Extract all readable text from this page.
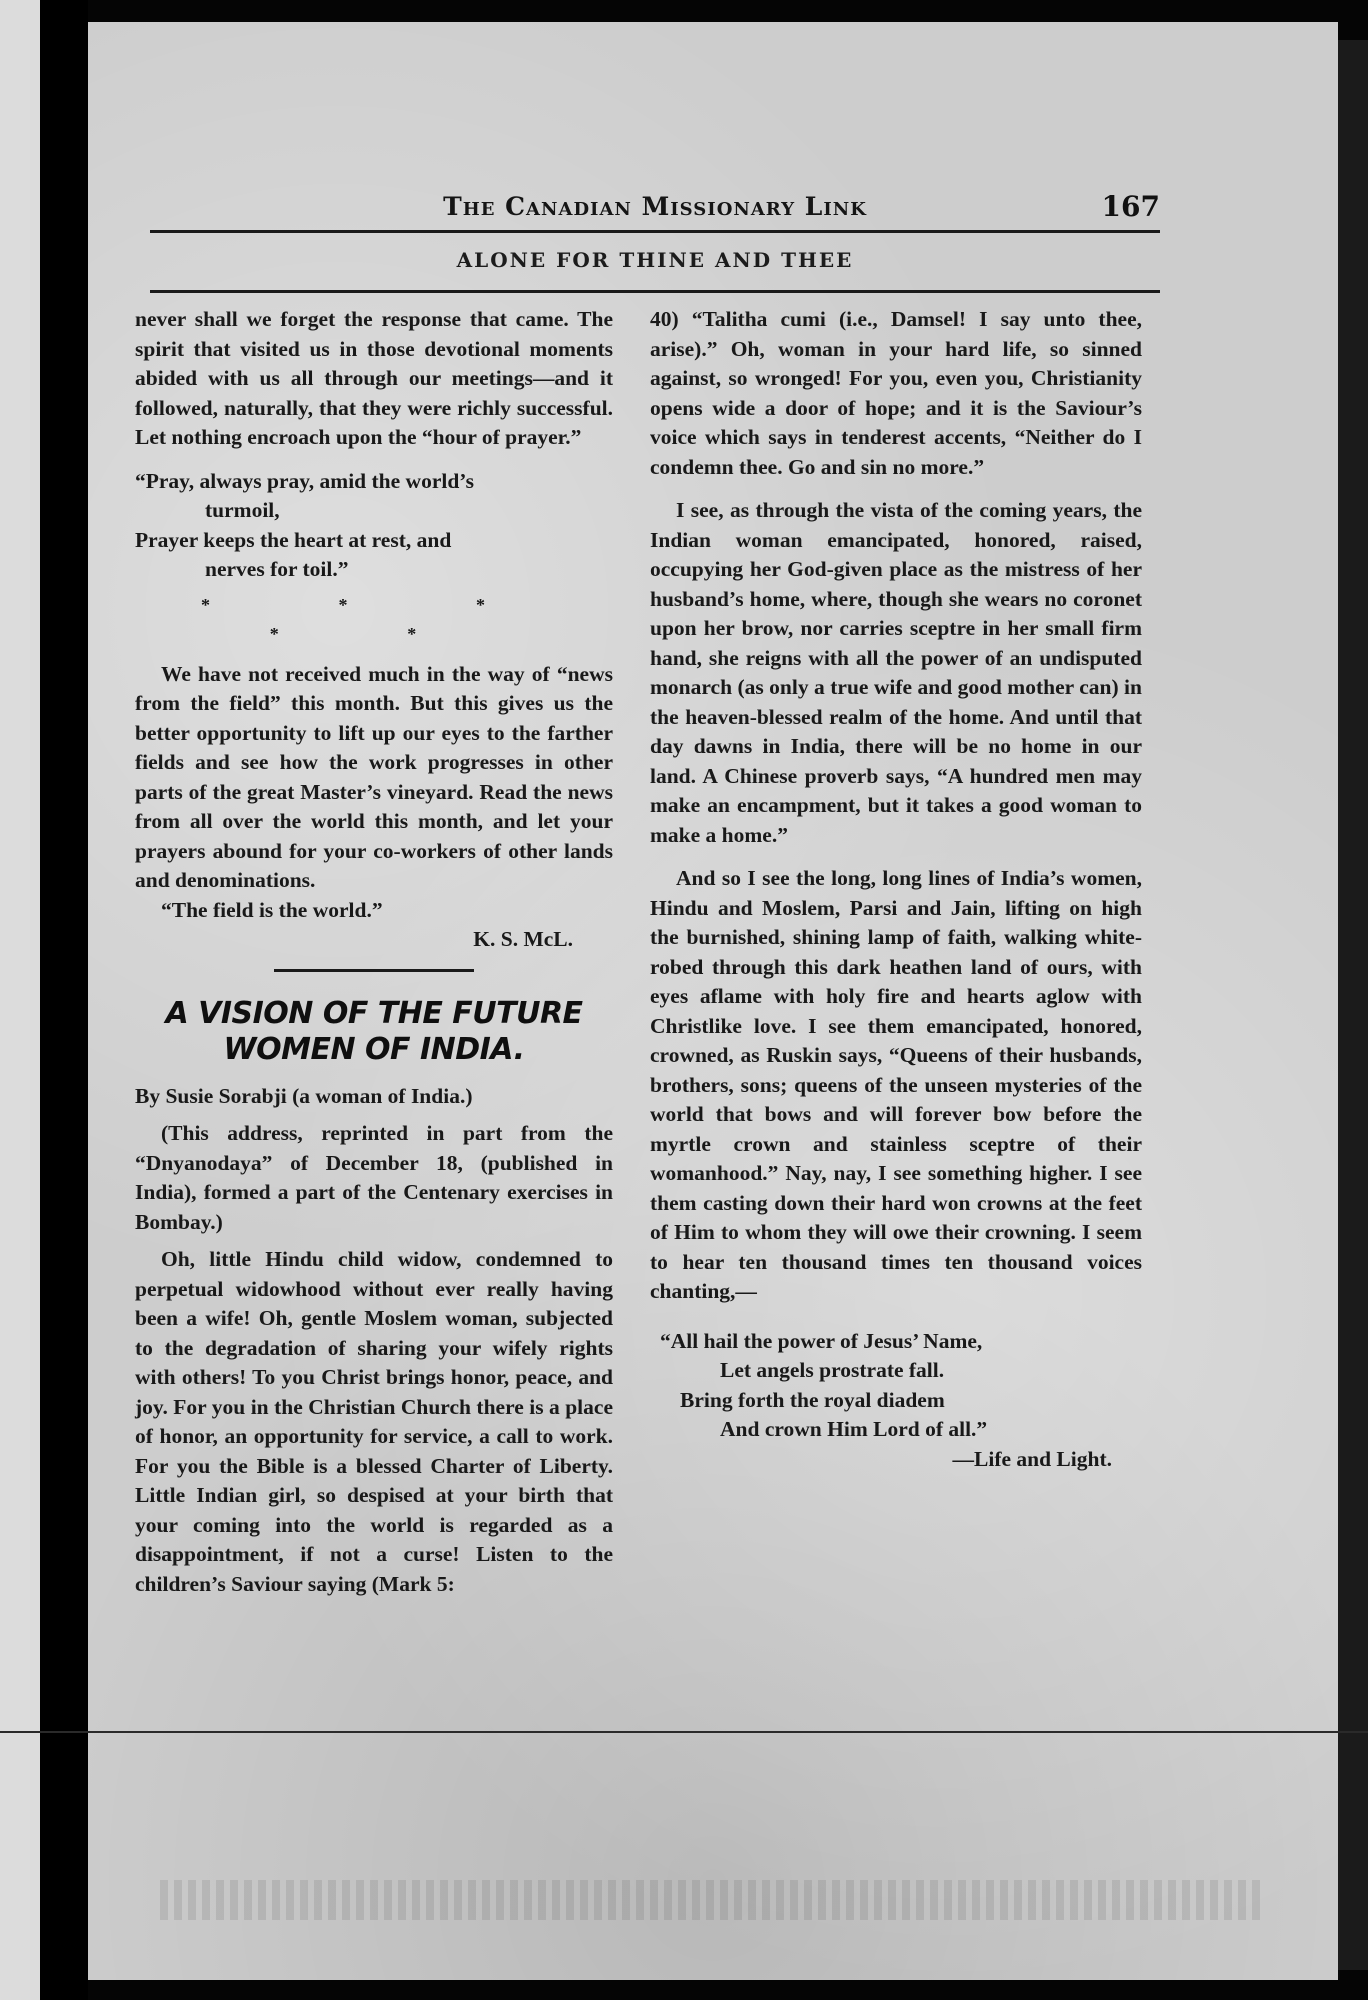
The Canadian Missionary Link	167
ALONE FOR THINE AND THEE

never shall we forget the response that came. The spirit that visited us in those devotional moments abided with us all through our meetings—and it followed, naturally, that they were richly successful. Let nothing encroach upon the “hour of prayer.”

“Pray, always pray, amid the world’s
turmoil,
Prayer keeps the heart at rest, and
nerves for toil.”
* * * * *

We have not received much in the way of “news from the field” this month. But this gives us the better opportunity to lift up our eyes to the farther fields and see how the work progresses in other parts of the great Master’s vineyard. Read the news from all over the world this month, and let your prayers abound for your co-workers of other lands and denominations.

“The field is the world.”

K. S. McL.

A VISION OF THE FUTURE WOMEN OF INDIA.

By Susie Sorabji (a woman of India.)

(This address, reprinted in part from the “Dnyanodaya” of December 18, (published in India), formed a part of the Centenary exercises in Bombay.)

Oh, little Hindu child widow, condemned to perpetual widowhood without ever really having been a wife! Oh, gentle Moslem woman, subjected to the degradation of sharing your wifely rights with others! To you Christ brings honor, peace, and joy. For you in the Christian Church there is a place of honor, an opportunity for service, a call to work. For you the Bible is a blessed Charter of Liberty. Little Indian girl, so despised at your birth that your coming into the world is regarded as a disappointment, if not a curse! Listen to the children’s Saviour saying (Mark 5:

40) “Talitha cumi (i.e., Damsel! I say unto thee, arise).” Oh, woman in your hard life, so sinned against, so wronged! For you, even you, Christianity opens wide a door of hope; and it is the Saviour’s voice which says in tenderest accents, “Neither do I condemn thee. Go and sin no more.”

I see, as through the vista of the coming years, the Indian woman emancipated, honored, raised, occupying her God-given place as the mistress of her husband’s home, where, though she wears no coronet upon her brow, nor carries sceptre in her small firm hand, she reigns with all the power of an undisputed monarch (as only a true wife and good mother can) in the heaven-blessed realm of the home. And until that day dawns in India, there will be no home in our land. A Chinese proverb says, “A hundred men may make an encampment, but it takes a good woman to make a home.”

And so I see the long, long lines of India’s women, Hindu and Moslem, Parsi and Jain, lifting on high the burnished, shining lamp of faith, walking white-robed through this dark heathen land of ours, with eyes aflame with holy fire and hearts aglow with Christlike love. I see them emancipated, honored, crowned, as Ruskin says, “Queens of their husbands, brothers, sons; queens of the unseen mysteries of the world that bows and will forever bow before the myrtle crown and stainless sceptre of their womanhood.” Nay, nay, I see something higher. I see them casting down their hard won crowns at the feet of Him to whom they will owe their crowning. I seem to hear ten thousand times ten thousand voices chanting,—

“All hail the power of Jesus’ Name,
Let angels prostrate fall.
Bring forth the royal diadem
And crown Him Lord of all.”

—Life and Light.
